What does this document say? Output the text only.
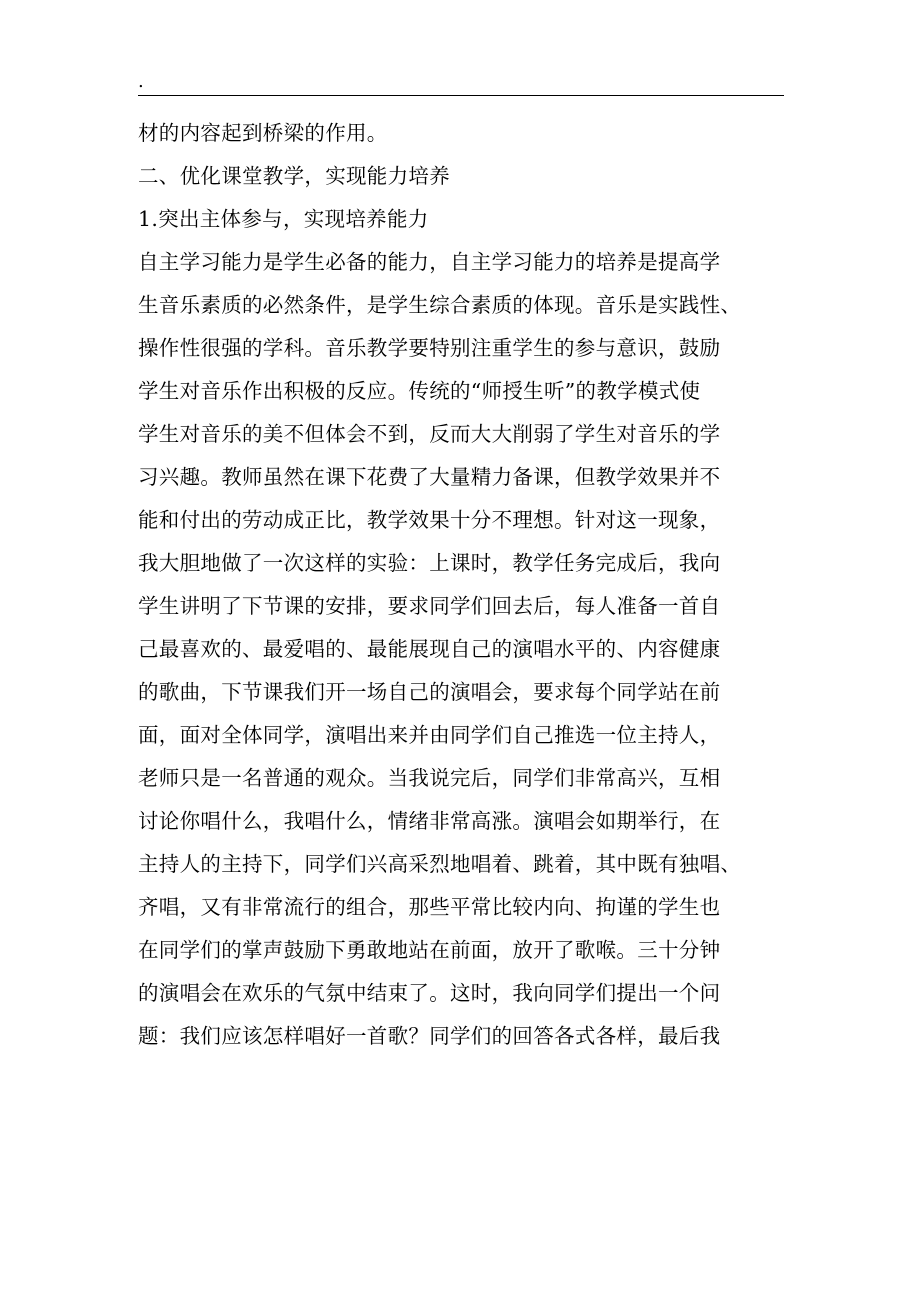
.
材的内容起到桥梁的作用。
二、优化课堂教学，实现能力培养
1.突出主体参与，实现培养能力
自主学习能力是学生必备的能力，自主学习能力的培养是提高学
生音乐素质的必然条件，是学生综合素质的体现。音乐是实践性、
操作性很强的学科。音乐教学要特别注重学生的参与意识，鼓励
学生对音乐作出积极的反应。传统的“师授生听”的教学模式使
学生对音乐的美不但体会不到，反而大大削弱了学生对音乐的学
习兴趣。教师虽然在课下花费了大量精力备课，但教学效果并不
能和付出的劳动成正比，教学效果十分不理想。针对这一现象，
我大胆地做了一次这样的实验：上课时，教学任务完成后，我向
学生讲明了下节课的安排，要求同学们回去后，每人准备一首自
己最喜欢的、最爱唱的、最能展现自己的演唱水平的、内容健康
的歌曲，下节课我们开一场自己的演唱会，要求每个同学站在前
面，面对全体同学，演唱出来并由同学们自己推选一位主持人，
老师只是一名普通的观众。当我说完后，同学们非常高兴，互相
讨论你唱什么，我唱什么，情绪非常高涨。演唱会如期举行，在
主持人的主持下，同学们兴高采烈地唱着、跳着，其中既有独唱、
齐唱，又有非常流行的组合，那些平常比较内向、拘谨的学生也
在同学们的掌声鼓励下勇敢地站在前面，放开了歌喉。三十分钟
的演唱会在欢乐的气氛中结束了。这时，我向同学们提出一个问
题：我们应该怎样唱好一首歌？同学们的回答各式各样，最后我
